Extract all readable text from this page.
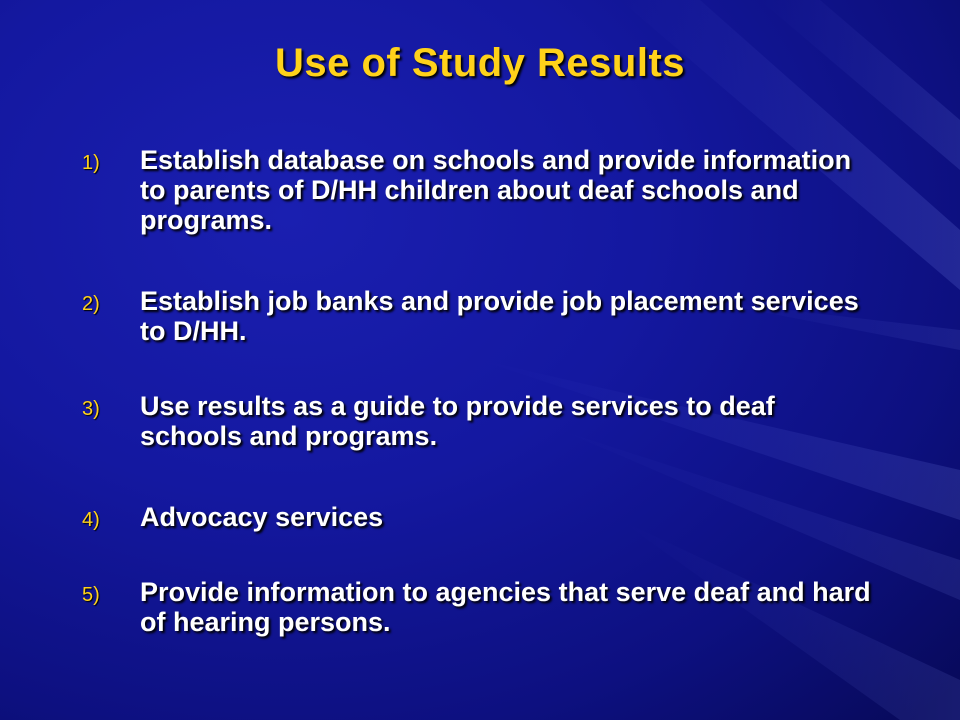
Use of Study Results
1) Establish database on schools and provide information to parents of D/HH children about deaf schools and programs.
2) Establish job banks and provide job placement services to D/HH.
3) Use results as a guide to provide services to deaf schools and programs.
4) Advocacy services
5) Provide information to agencies that serve deaf and hard of hearing persons.
